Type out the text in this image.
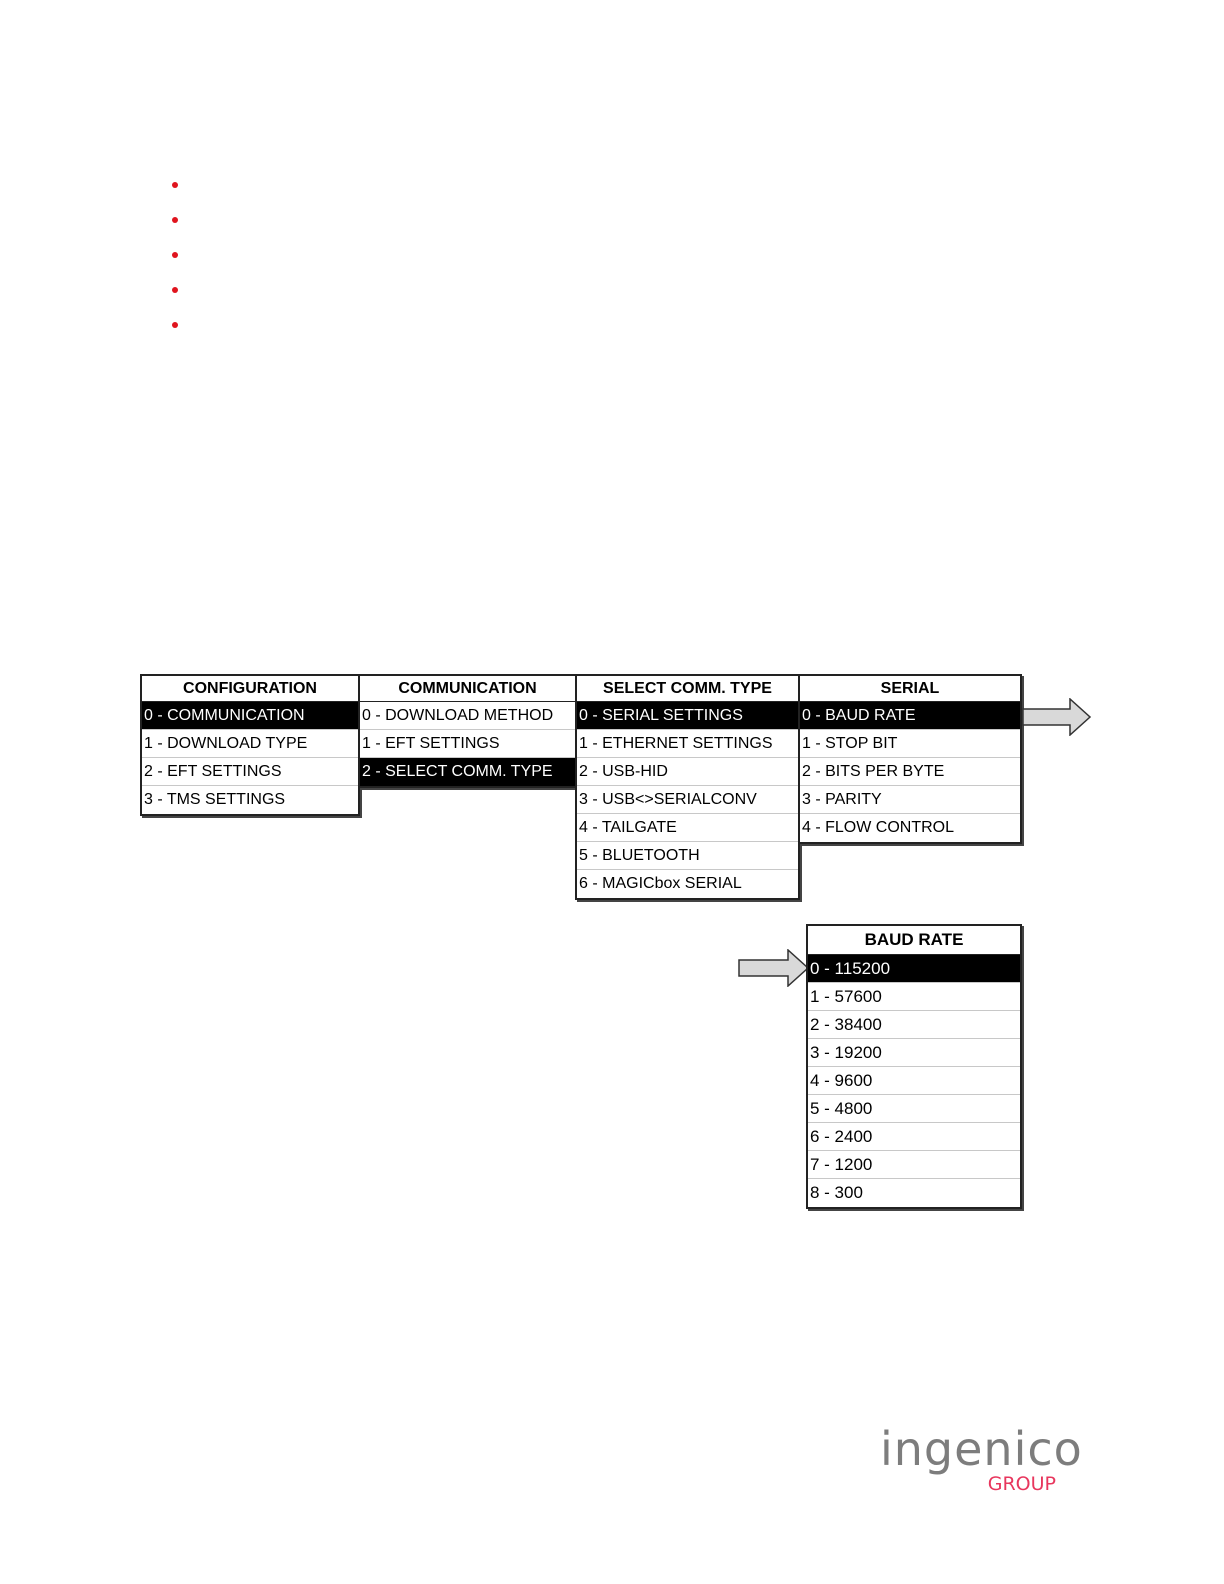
CONFIGURATION
0 - COMMUNICATION
1 - DOWNLOAD TYPE
2 - EFT SETTINGS
3 - TMS SETTINGS
COMMUNICATION
0 - DOWNLOAD METHOD
1 - EFT SETTINGS
2 - SELECT COMM. TYPE
SELECT COMM. TYPE
0 - SERIAL SETTINGS
1 - ETHERNET SETTINGS
2 - USB-HID
3 - USB<>SERIALCONV
4 - TAILGATE
5 - BLUETOOTH
6 - MAGICbox SERIAL
SERIAL
0 - BAUD RATE
1 - STOP BIT
2 - BITS PER BYTE
3 - PARITY
4 - FLOW CONTROL
BAUD RATE
0 - 115200
1 - 57600
2 - 38400
3 - 19200
4 - 9600
5 - 4800
6 - 2400
7 - 1200
8 - 300
ingenico
GROUP
